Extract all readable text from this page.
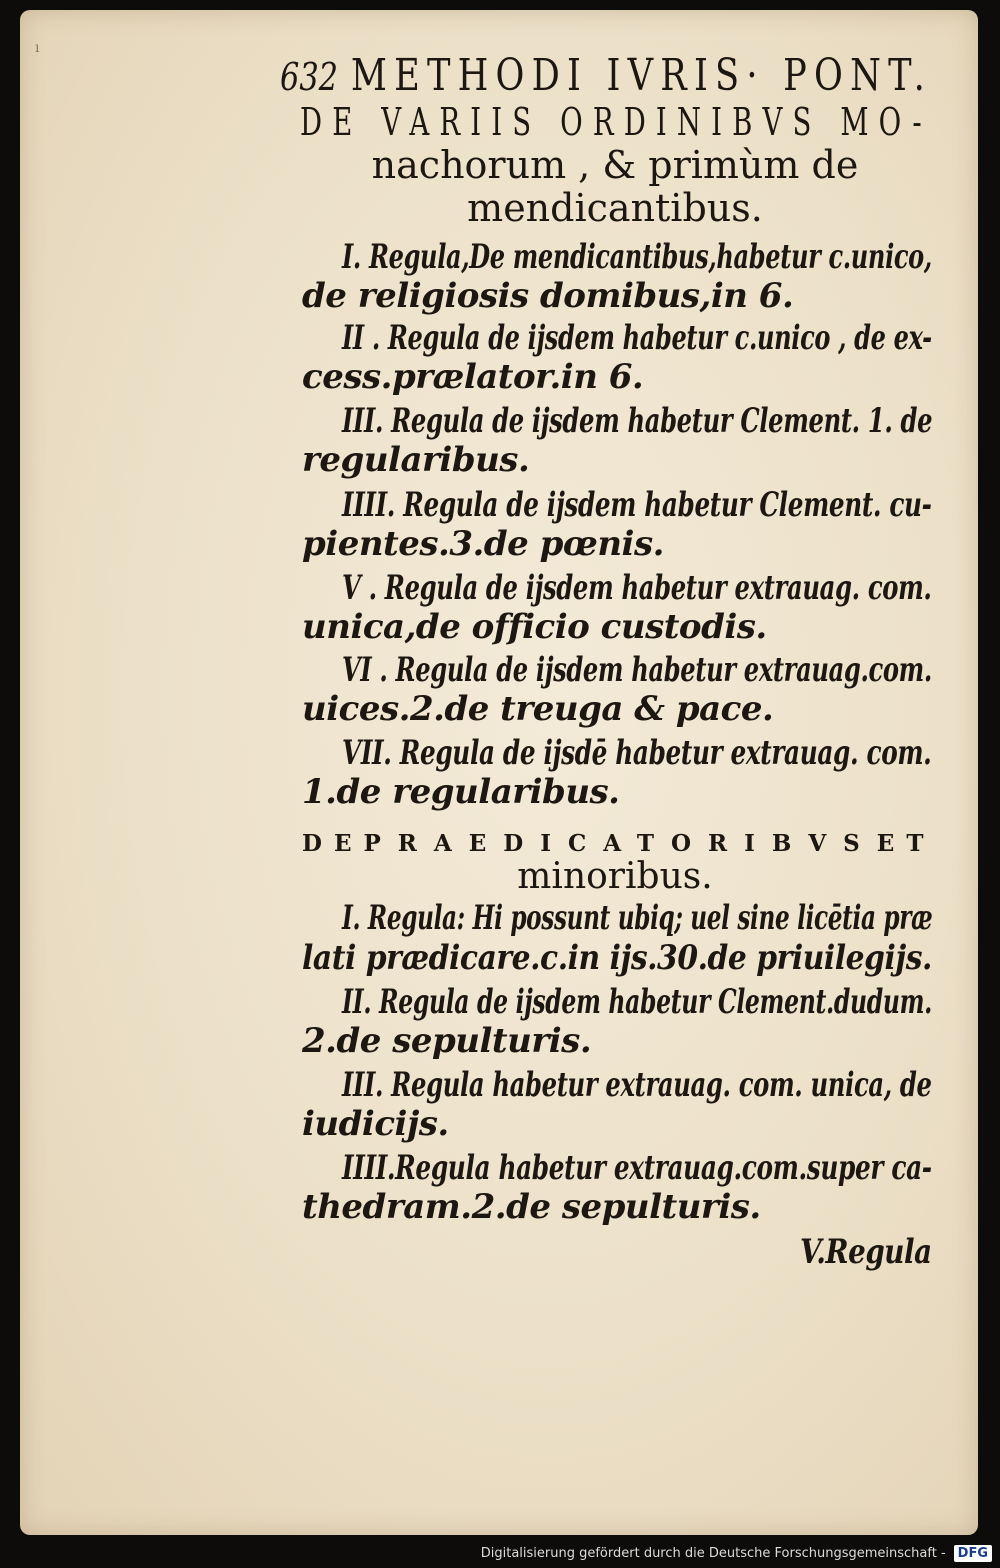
ı
632 METHODI IVRIS· PONT.
DE VARIIS ORDINIBVS MO-
nachorum , & primùm de
mendicantibus.
I. Regula,De mendicantibus,habetur c.unico,
de religiosis domibus,in 6.
II . Regula de ijsdem habetur c.unico , de ex-
cess.prælator.in 6.
III. Regula de ijsdem habetur Clement. 1. de
regularibus.
IIII. Regula de ijsdem habetur Clement. cu-
pientes.3.de pœnis.
V . Regula de ijsdem habetur extrauag. com.
unica,de officio custodis.
VI . Regula de ijsdem habetur extrauag.com.
uices.2.de treuga & pace.
VII. Regula de ijsdē habetur extrauag. com.
1.de regularibus.
DE PRAEDICATORIBVS ET
minoribus.
I. Regula: Hi possunt ubiq; uel sine licētia præ
lati prædicare.c.in ijs.30.de priuilegijs.
II. Regula de ijsdem habetur Clement.dudum.
2.de sepulturis.
III. Regula habetur extrauag. com. unica, de
iudicijs.
IIII.Regula habetur extrauag.com.super ca-
thedram.2.de sepulturis.
V.Regula
Digitalisierung gefördert durch die Deutsche Forschungsgemeinschaft - DFG
